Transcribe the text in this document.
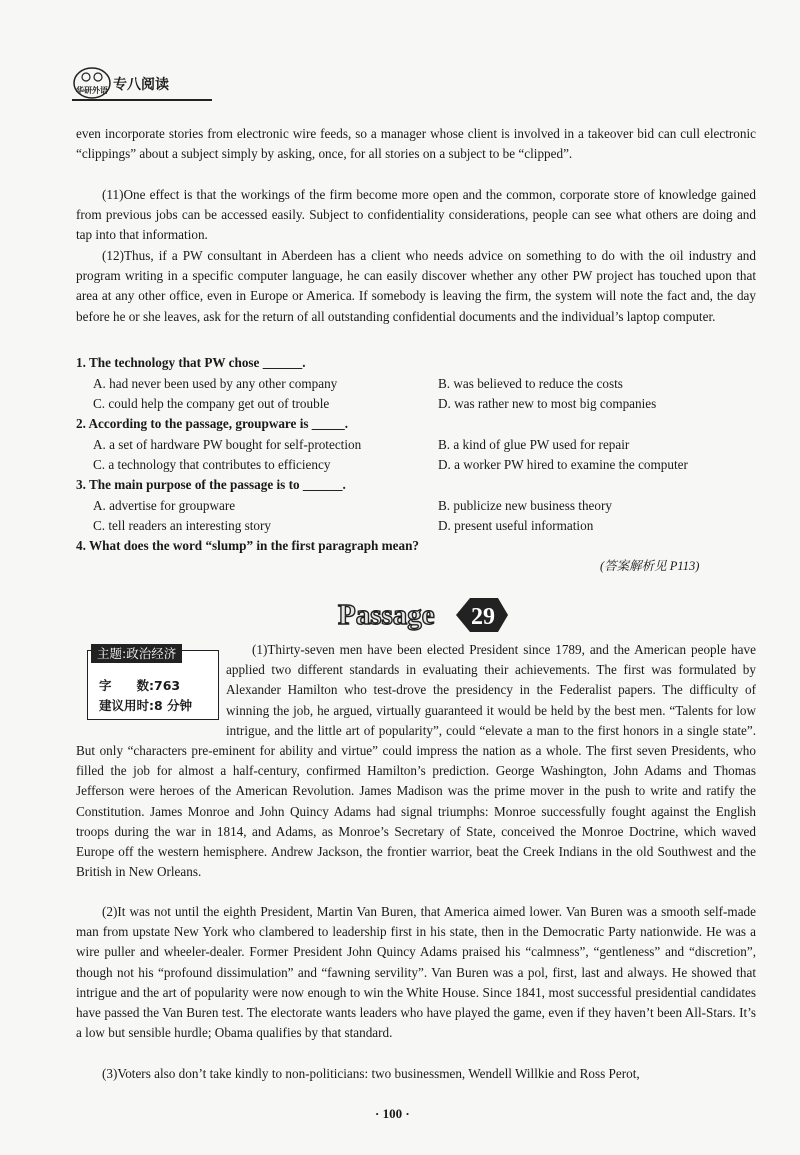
华研外语 专八阅读

even incorporate stories from electronic wire feeds, so a manager whose client is involved in a takeover bid can cull electronic “clippings” about a subject simply by asking, once, for all stories on a subject to be “clipped”.

(11)One effect is that the workings of the firm become more open and the common, corporate store of knowledge gained from previous jobs can be accessed easily. Subject to confidentiality considerations, people can see what others are doing and tap into that information.

(12)Thus, if a PW consultant in Aberdeen has a client who needs advice on something to do with the oil industry and program writing in a specific computer language, he can easily discover whether any other PW project has touched upon that area at any other office, even in Europe or America. If somebody is leaving the firm, the system will note the fact and, the day before he or she leaves, ask for the return of all outstanding confidential documents and the individual’s laptop computer.

1. The technology that PW chose ______.
A. had never been used by any other company	B. was believed to reduce the costs
C. could help the company get out of trouble	D. was rather new to most big companies
2. According to the passage, groupware is _____.
A. a set of hardware PW bought for self-protection	B. a kind of glue PW used for repair
C. a technology that contributes to efficiency	D. a worker PW hired to examine the computer
3. The main purpose of the passage is to ______.
A. advertise for groupware	B. publicize new business theory
C. tell readers an interesting story	D. present useful information
4. What does the word “slump” in the first paragraph mean?
(答案解析见 P113)
Passage 29
主题:政治经济
字　　数:763
建议用时:8 分钟

(1)Thirty-seven men have been elected President since 1789, and the American people have applied two different standards in evaluating their achievements. The first was formulated by Alexander Hamilton who test-drove the presidency in the Federalist papers. The difficulty of winning the job, he argued, virtually guaranteed it would be held by the best men. “Talents for low intrigue, and the little art of popularity”, could “elevate a man to the first honors in a single state”. But only “characters pre-eminent for ability and virtue” could impress the nation as a whole. The first seven Presidents, who filled the job for almost a half-century, confirmed Hamilton’s prediction. George Washington, John Adams and Thomas Jefferson were heroes of the American Revolution. James Madison was the prime mover in the push to write and ratify the Constitution. James Monroe and John Quincy Adams had signal triumphs: Monroe successfully fought against the English troops during the war in 1814, and Adams, as Monroe’s Secretary of State, conceived the Monroe Doctrine, which waved Europe off the western hemisphere. Andrew Jackson, the frontier warrior, beat the Creek Indians in the old Southwest and the British in New Orleans.

(2)It was not until the eighth President, Martin Van Buren, that America aimed lower. Van Buren was a smooth self-made man from upstate New York who clambered to leadership first in his state, then in the Democratic Party nationwide. He was a wire puller and wheeler-dealer. Former President John Quincy Adams praised his “calmness”, “gentleness” and “discretion”, though not his “profound dissimulation” and “fawning servility”. Van Buren was a pol, first, last and always. He showed that intrigue and the art of popularity were now enough to win the White House. Since 1841, most successful presidential candidates have passed the Van Buren test. The electorate wants leaders who have played the game, even if they haven’t been All-Stars. It’s a low but sensible hurdle; Obama qualifies by that standard.

(3)Voters also don’t take kindly to non-politicians: two businessmen, Wendell Willkie and Ross Perot,

· 100 ·
